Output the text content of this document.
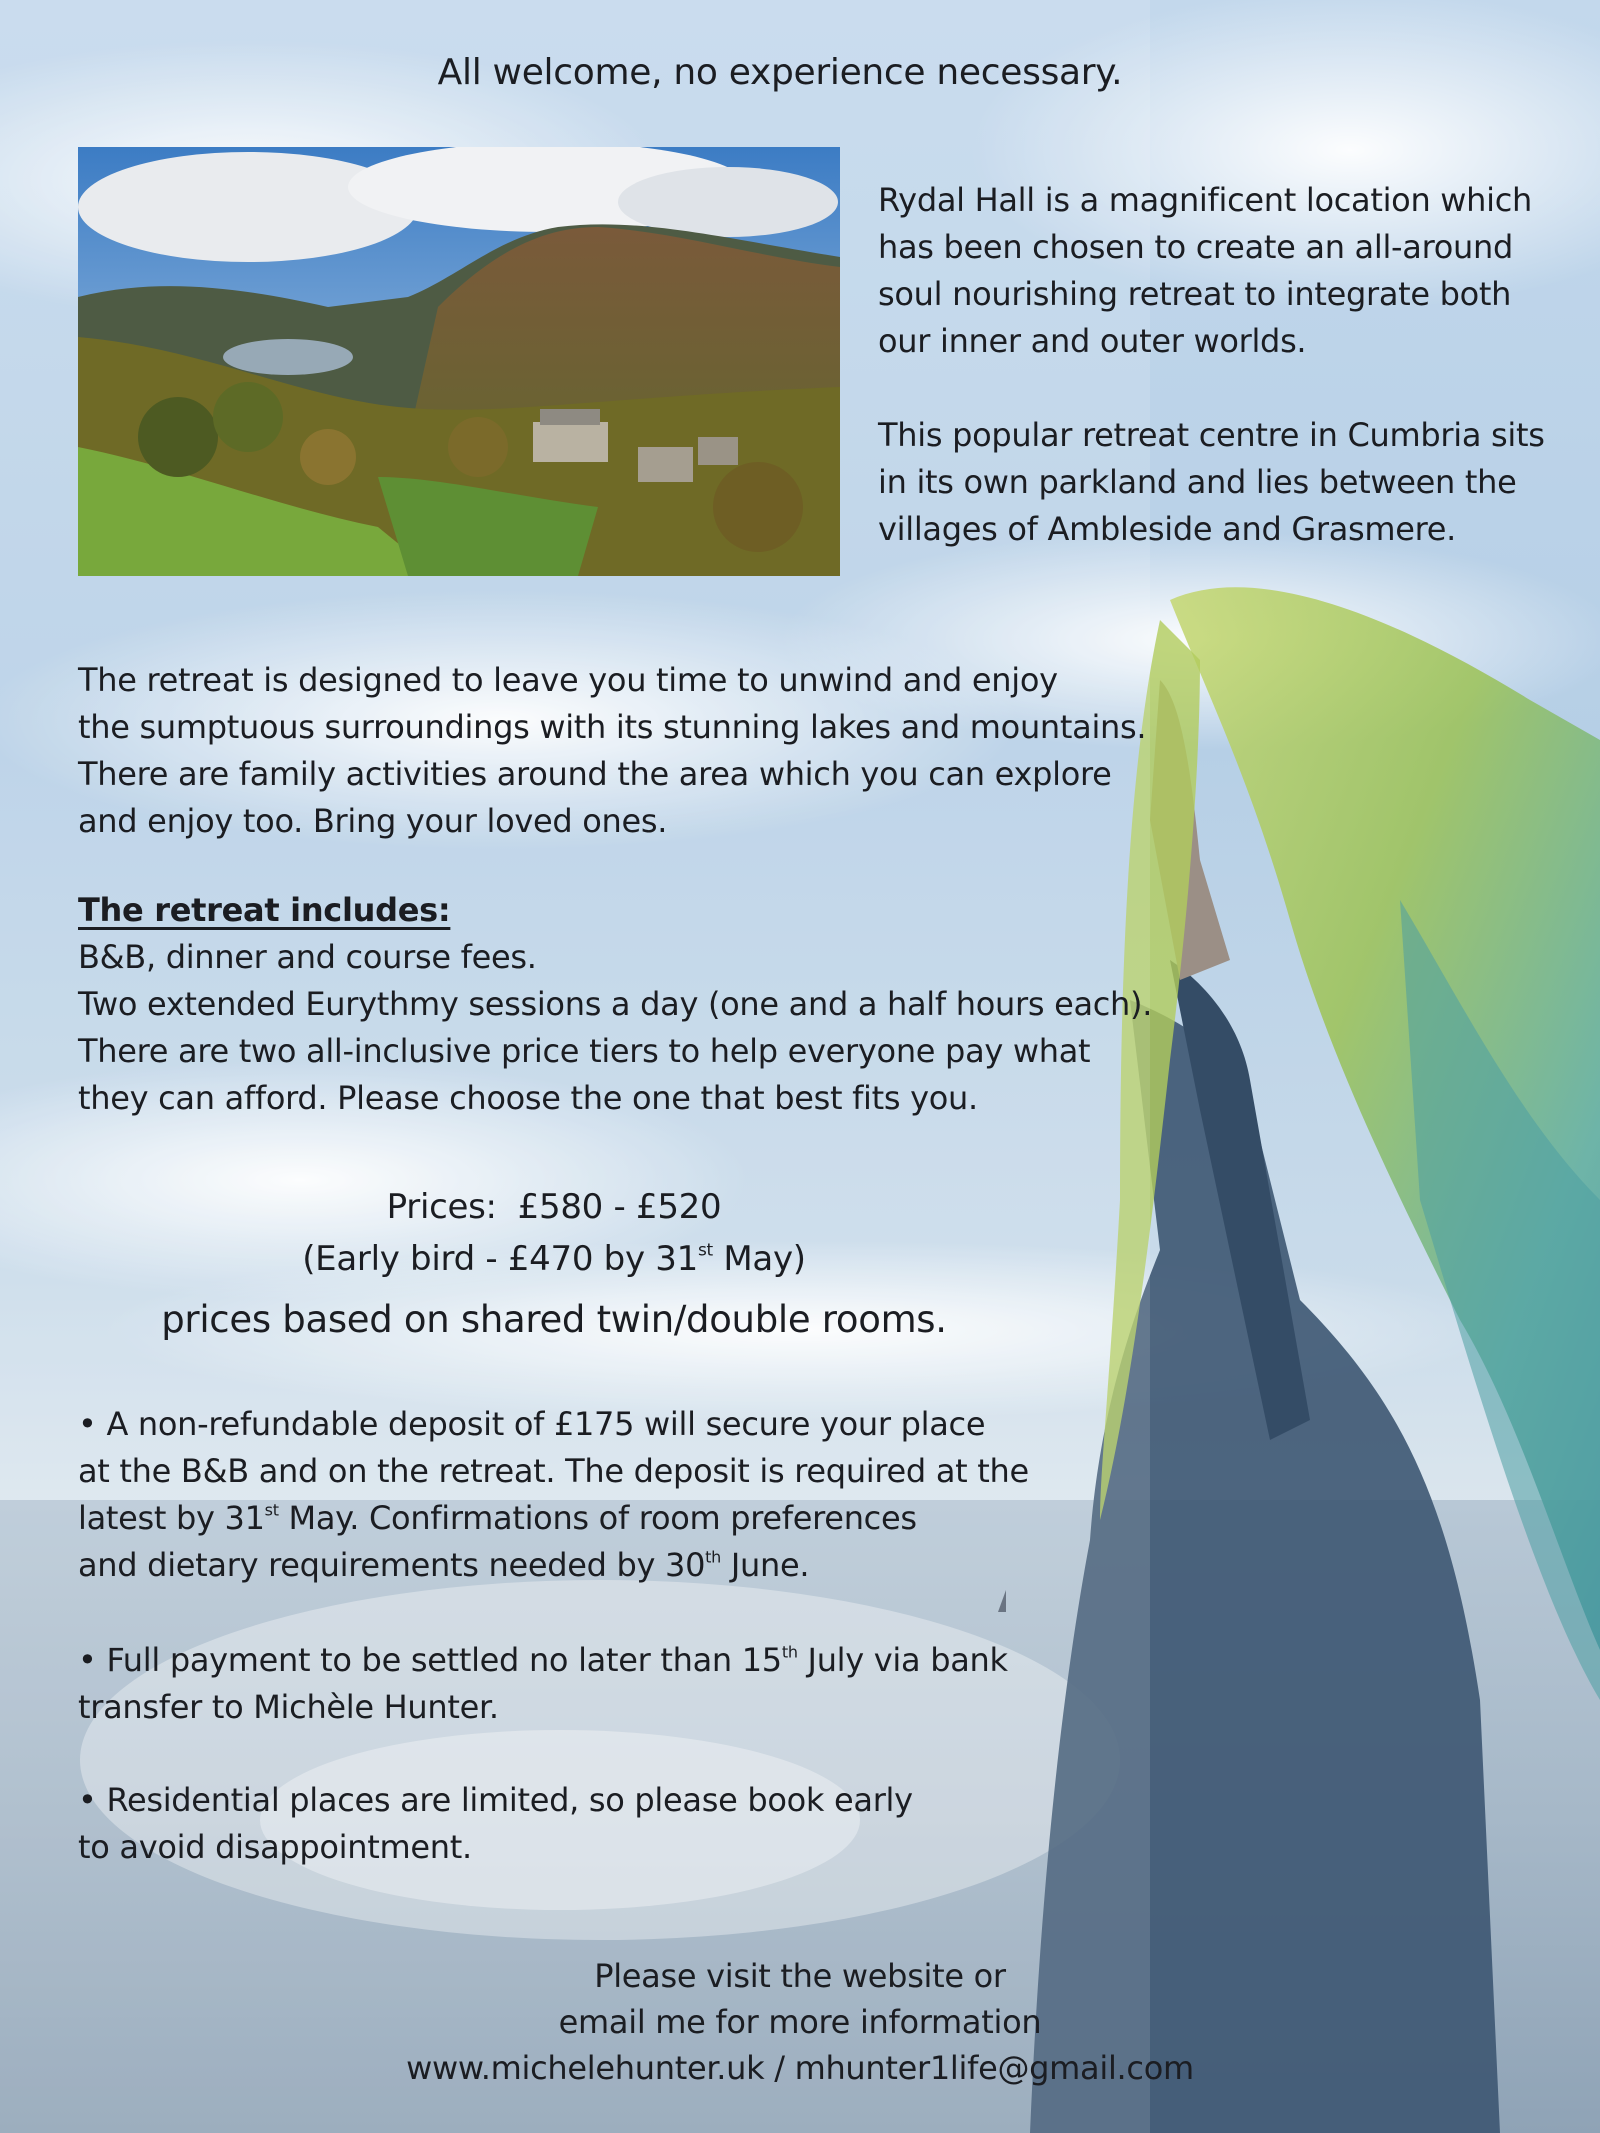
All welcome, no experience necessary.
Rydal Hall is a magnificent location which
has been chosen to create an all-around
soul nourishing retreat to integrate both
our inner and outer worlds.
This popular retreat centre in Cumbria sits
in its own parkland and lies between the
villages of Ambleside and Grasmere.
The retreat is designed to leave you time to unwind and enjoy
the sumptuous surroundings with its stunning lakes and mountains.
There are family activities around the area which you can explore
and enjoy too. Bring your loved ones.
The retreat includes:
B&B, dinner and course fees.
Two extended Eurythmy sessions a day (one and a half hours each).
There are two all-inclusive price tiers to help everyone pay what
they can afford. Please choose the one that best fits you.
Prices:  £580 - £520
(Early bird - £470 by 31st May)
prices based on shared twin/double rooms.
• A non-refundable deposit of £175 will secure your place
at the B&B and on the retreat. The deposit is required at the
latest by 31st May. Confirmations of room preferences
and dietary requirements needed by 30th June.
• Full payment to be settled no later than 15th July via bank
transfer to Michèle Hunter.
• Residential places are limited, so please book early
to avoid disappointment.
Please visit the website or
email me for more information
www.michelehunter.uk / mhunter1life@gmail.com
